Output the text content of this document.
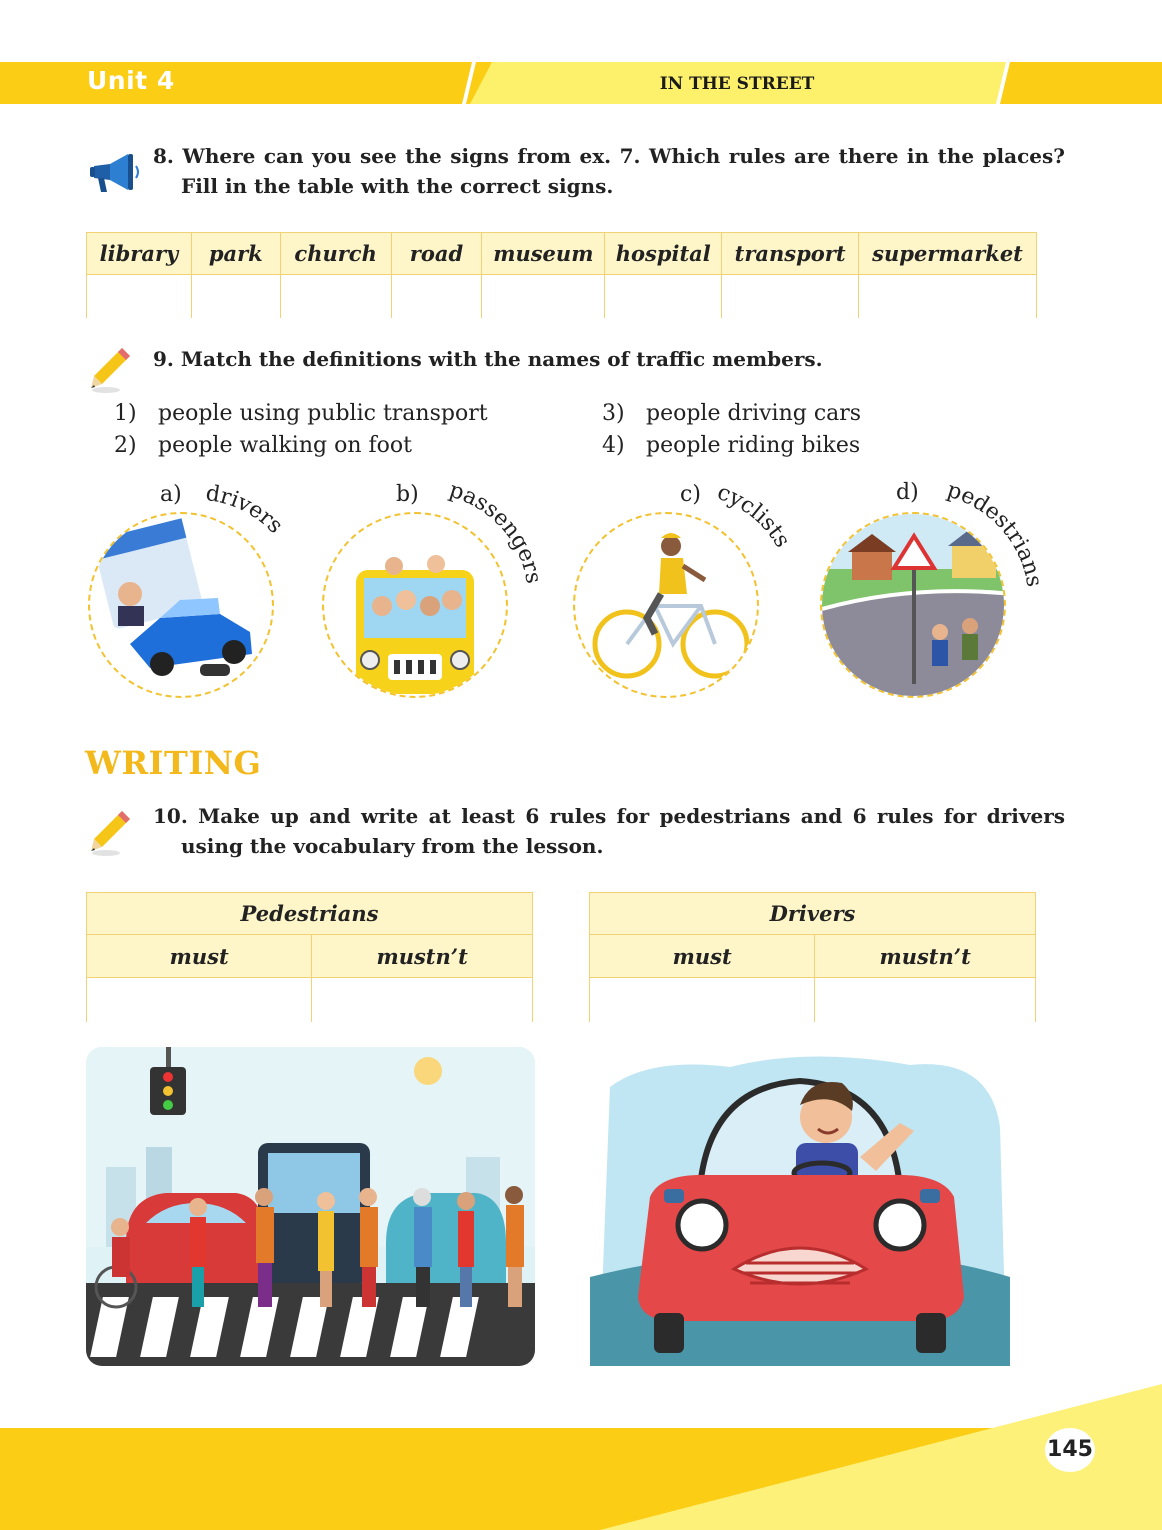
Unit 4	IN THE STREET
8. Where can you see the signs from ex. 7. Which rules are there in the places? Fill in the table with the correct signs.
library	park	church	road	museum	hospital	transport	supermarket

9. Match the definitions with the names of traffic members.
1) people using public transport
2) people walking on foot
3) people driving cars
4) people riding bikes
a) drivers
b) passengers
c) cyclists
d) pedestrians
WRITING
10. Make up and write at least 6 rules for pedestrians and 6 rules for drivers using the vocabulary from the lesson.
Pedestrians	
must	mustn’t

Drivers	
must	mustn’t

145
